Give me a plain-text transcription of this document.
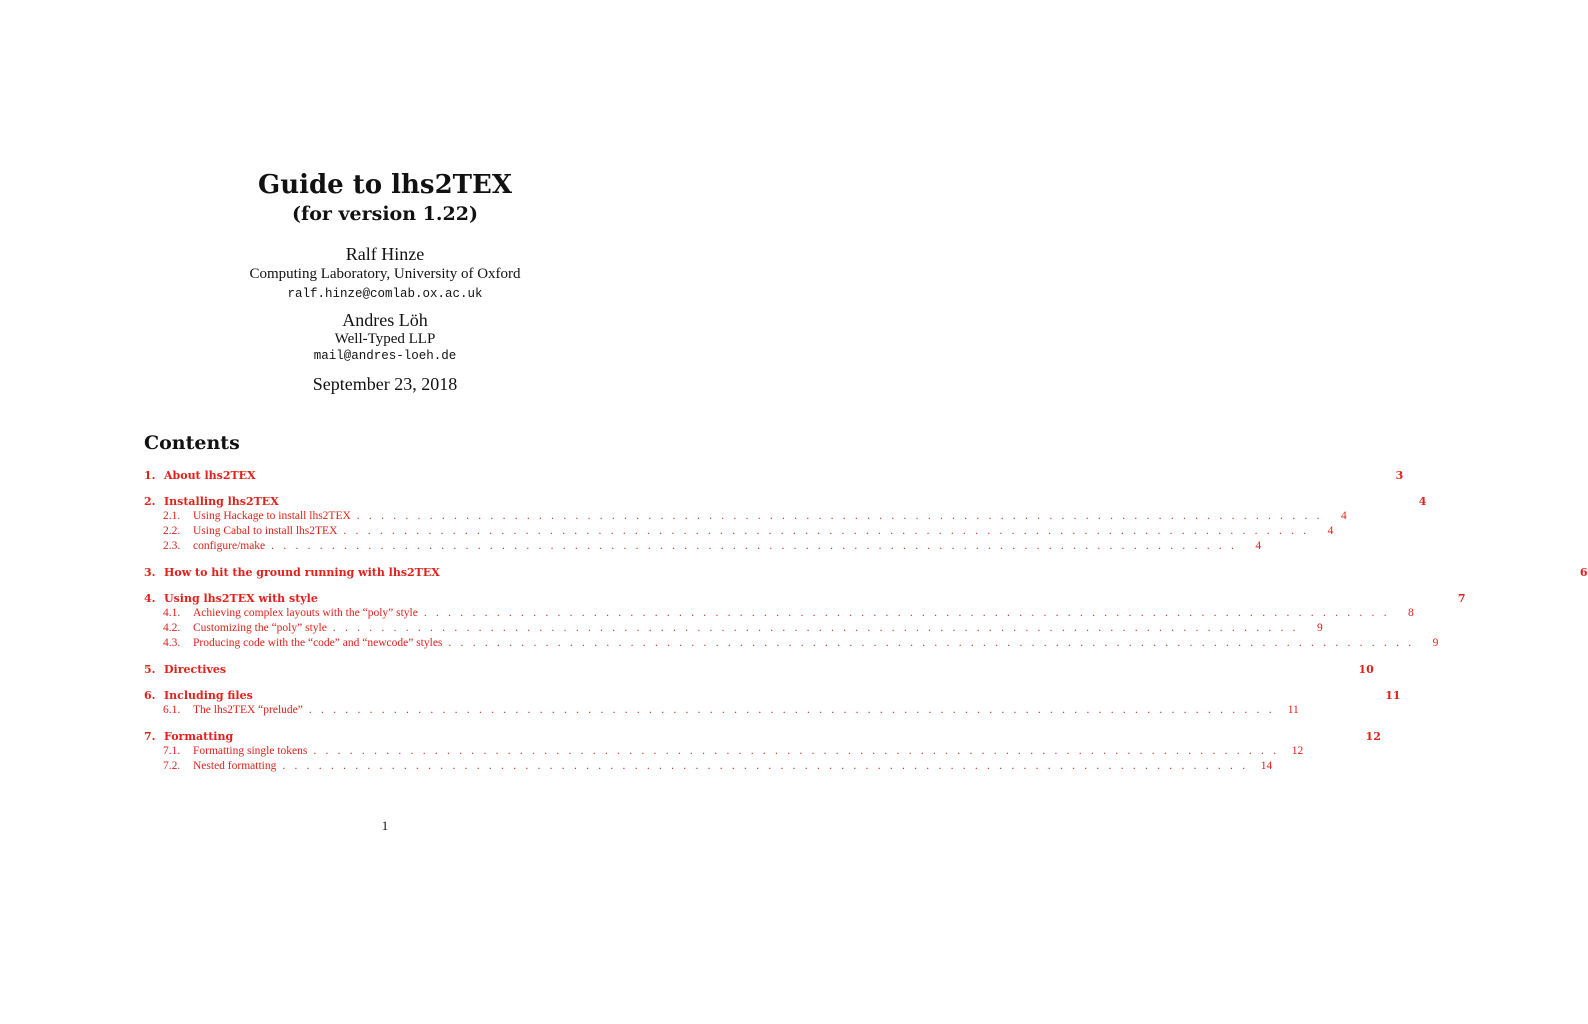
Guide to lhs2TEX
(for version 1.22)
Ralf Hinze
Computing Laboratory, University of Oxford
ralf.hinze@comlab.ox.ac.uk
Andres Löh
Well-Typed LLP
mail@andres-loeh.de
September 23, 2018
Contents
1. About lhs2TEX	3
2. Installing lhs2TEX	4
2.1.	Using Hackage to install lhs2TEX . . . . . . . . . . . . . . . . . . . . . . . . . . . . . . . . . . . . . . . . . . . . . . . . . . . . . . . . . . . . . . . . . . . . . . . . . . . . . . . .	4
2.2.	Using Cabal to install lhs2TEX . . . . . . . . . . . . . . . . . . . . . . . . . . . . . . . . . . . . . . . . . . . . . . . . . . . . . . . . . . . . . . . . . . . . . . . . . . . . . . . .	4
2.3.	configure/make . . . . . . . . . . . . . . . . . . . . . . . . . . . . . . . . . . . . . . . . . . . . . . . . . . . . . . . . . . . . . . . . . . . . . . . . . . . . . . . .	4
3. How to hit the ground running with lhs2TEX	6
4. Using lhs2TEX with style	7
4.1.	Achieving complex layouts with the “poly” style . . . . . . . . . . . . . . . . . . . . . . . . . . . . . . . . . . . . . . . . . . . . . . . . . . . . . . . . . . . . . . . . . . . . . . . . . . . . . . . .	8
4.2.	Customizing the “poly” style . . . . . . . . . . . . . . . . . . . . . . . . . . . . . . . . . . . . . . . . . . . . . . . . . . . . . . . . . . . . . . . . . . . . . . . . . . . . . . . .	9
4.3.	Producing code with the “code” and “newcode” styles . . . . . . . . . . . . . . . . . . . . . . . . . . . . . . . . . . . . . . . . . . . . . . . . . . . . . . . . . . . . . . . . . . . . . . . . . . . . . . . .	9
5. Directives	10
6. Including files	11
6.1.	The lhs2TEX “prelude” . . . . . . . . . . . . . . . . . . . . . . . . . . . . . . . . . . . . . . . . . . . . . . . . . . . . . . . . . . . . . . . . . . . . . . . . . . . . . . . .	11
7. Formatting	12
7.1.	Formatting single tokens . . . . . . . . . . . . . . . . . . . . . . . . . . . . . . . . . . . . . . . . . . . . . . . . . . . . . . . . . . . . . . . . . . . . . . . . . . . . . . . .	12
7.2.	Nested formatting . . . . . . . . . . . . . . . . . . . . . . . . . . . . . . . . . . . . . . . . . . . . . . . . . . . . . . . . . . . . . . . . . . . . . . . . . . . . . . . .	14
1
